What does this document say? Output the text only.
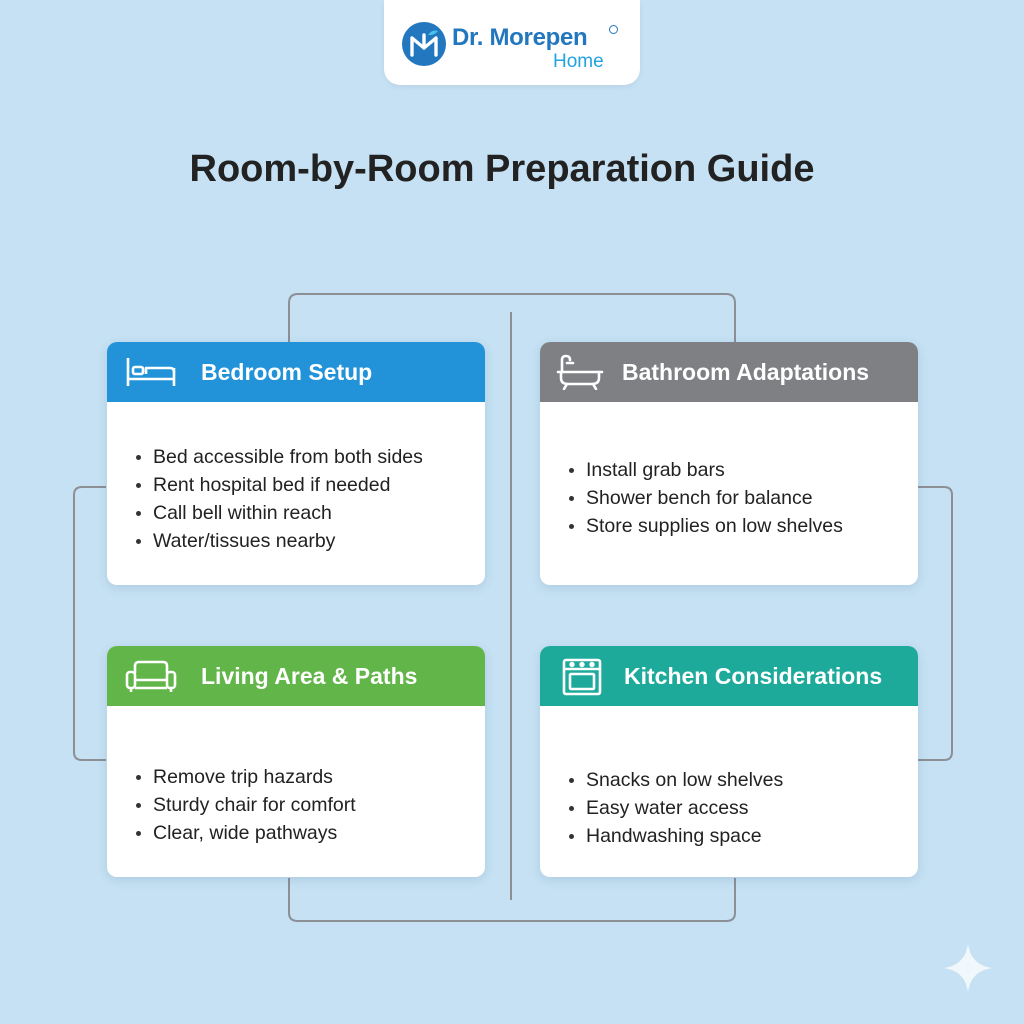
Dr. Morepen
Home
Room-by-Room Preparation Guide
Bedroom Setup
Bed accessible from both sides
Rent hospital bed if needed
Call bell within reach
Water/tissues nearby
Bathroom Adaptations
Install grab bars
Shower bench for balance
Store supplies on low shelves
Living Area & Paths
Remove trip hazards
Sturdy chair for comfort
Clear, wide pathways
Kitchen Considerations
Snacks on low shelves
Easy water access
Handwashing space
